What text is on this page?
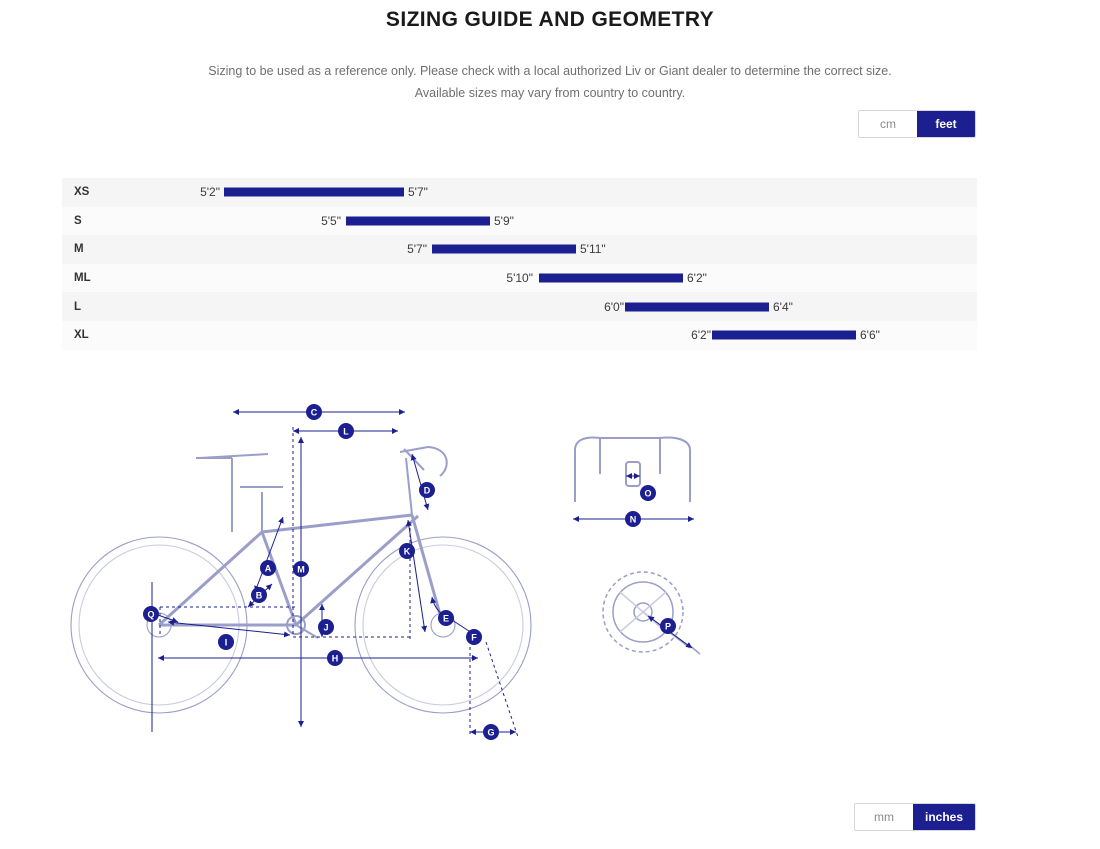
SIZING GUIDE AND GEOMETRY
Sizing to be used as a reference only. Please check with a local authorized Liv or Giant dealer to determine the correct size.
Available sizes may vary from country to country.
cm	feet
XS	5'2"	5'7"
S	5'5"	5'9"
M	5'7"	5'11"
ML	5'10"	6'2"
L	6'0"	6'4"
XL	6'2"	6'6"
C
L
M
A
B
D
K
E
F
J
I
Q
H
G
N
O
P
mm	inches
